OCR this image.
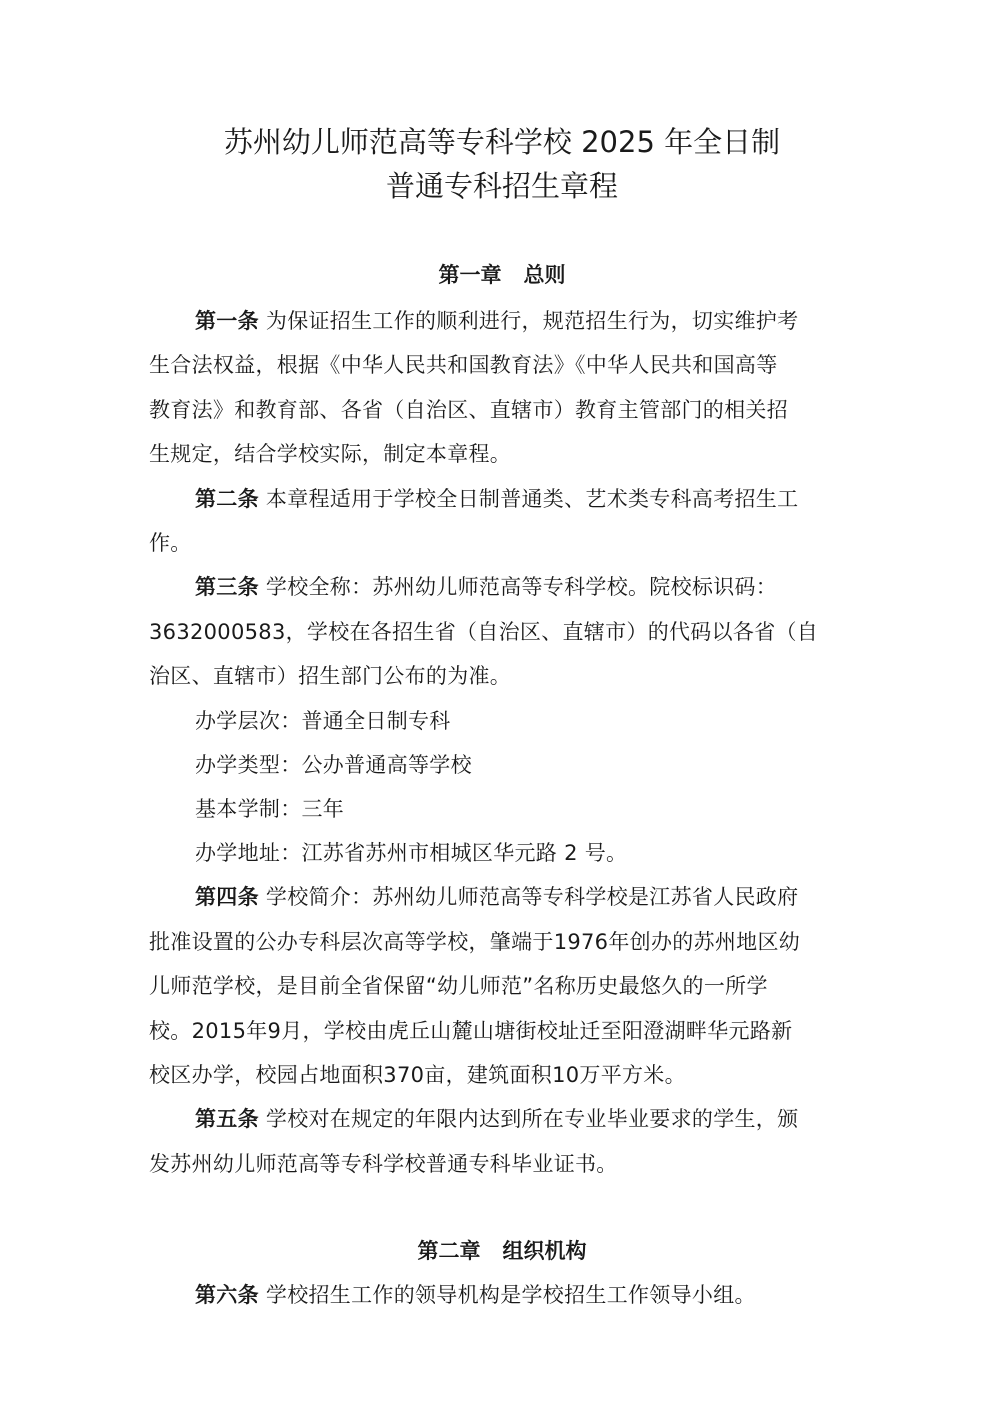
苏州幼儿师范高等专科学校 2025 年全日制
普通专科招生章程
第一章 总则
第一条 为保证招生工作的顺利进行，规范招生行为，切实维护考
生合法权益，根据《中华人民共和国教育法》《中华人民共和国高等
教育法》和教育部、各省（自治区、直辖市）教育主管部门的相关招
生规定，结合学校实际，制定本章程。
第二条 本章程适用于学校全日制普通类、艺术类专科高考招生工
作。
第三条 学校全称：苏州幼儿师范高等专科学校。院校标识码：
3632000583，学校在各招生省（自治区、直辖市）的代码以各省（自
治区、直辖市）招生部门公布的为准。
办学层次：普通全日制专科
办学类型：公办普通高等学校
基本学制：三年
办学地址：江苏省苏州市相城区华元路 2 号。
第四条 学校简介：苏州幼儿师范高等专科学校是江苏省人民政府
批准设置的公办专科层次高等学校，肇端于1976年创办的苏州地区幼
儿师范学校，是目前全省保留“幼儿师范”名称历史最悠久的一所学
校。2015年9月，学校由虎丘山麓山塘街校址迁至阳澄湖畔华元路新
校区办学，校园占地面积370亩，建筑面积10万平方米。
第五条 学校对在规定的年限内达到所在专业毕业要求的学生，颁
发苏州幼儿师范高等专科学校普通专科毕业证书。
第二章 组织机构
第六条 学校招生工作的领导机构是学校招生工作领导小组。
